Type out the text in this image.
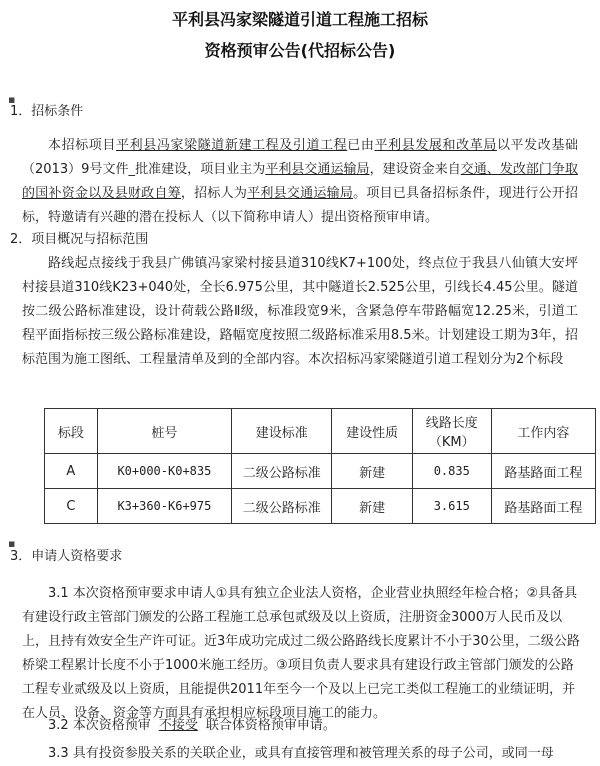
平利县冯家梁隧道引道工程施工招标
资格预审公告(代招标公告)
▪
1．招标条件
本招标项目平利县冯家梁隧道新建工程及引道工程已由平利县发展和改革局以平发改基础（2013）9号文件_批准建设，项目业主为平利县交通运输局，建设资金来自交通、发改部门争取的国补资金以及县财政自筹，招标人为平利县交通运输局。项目已具备招标条件，现进行公开招标，特邀请有兴趣的潜在投标人（以下简称申请人）提出资格预审申请。
2．项目概况与招标范围
路线起点接线于我县广佛镇冯家梁村接县道310线K7+100处，终点位于我县八仙镇大安坪村接县道310线K23+040处，全长6.975公里，其中隧道长2.525公里，引线长4.45公里。隧道按二级公路标准建设，设计荷载公路Ⅱ级，标准段宽9米，含紧急停车带路幅宽12.25米，引道工程平面指标按三级公路标准建设，路幅宽度按照二级路标准采用8.5米。计划建设工期为3年，招标范围为施工图纸、工程量清单及到的全部内容。本次招标冯家梁隧道引道工程划分为2个标段
标段	桩号	建设标准	建设性质	线路长度（KM）	工作内容
A	K0+000-K0+835	二级公路标准	新建	0.835	路基路面工程
C	K3+360-K6+975	二级公路标准	新建	3.615	路基路面工程
▪
3．申请人资格要求
3.1 本次资格预审要求申请人①具有独立企业法人资格，企业营业执照经年检合格；②具备具有建设行政主管部门颁发的公路工程施工总承包贰级及以上资质，注册资金3000万人民币及以上，且持有效安全生产许可证。近3年成功完成过二级公路路线长度累计不小于30公里，二级公路桥梁工程累计长度不小于1000米施工经历。③项目负责人要求具有建设行政主管部门颁发的公路工程专业贰级及以上资质，且能提供2011年至今一个及以上已完工类似工程施工的业绩证明，并在人员、设备、资金等方面具有承担相应标段项目施工的能力。
3.2 本次资格预审 不接受 联合体资格预审申请。
3.3 具有投资参股关系的关联企业，或具有直接管理和被管理关系的母子公司，或同一母
